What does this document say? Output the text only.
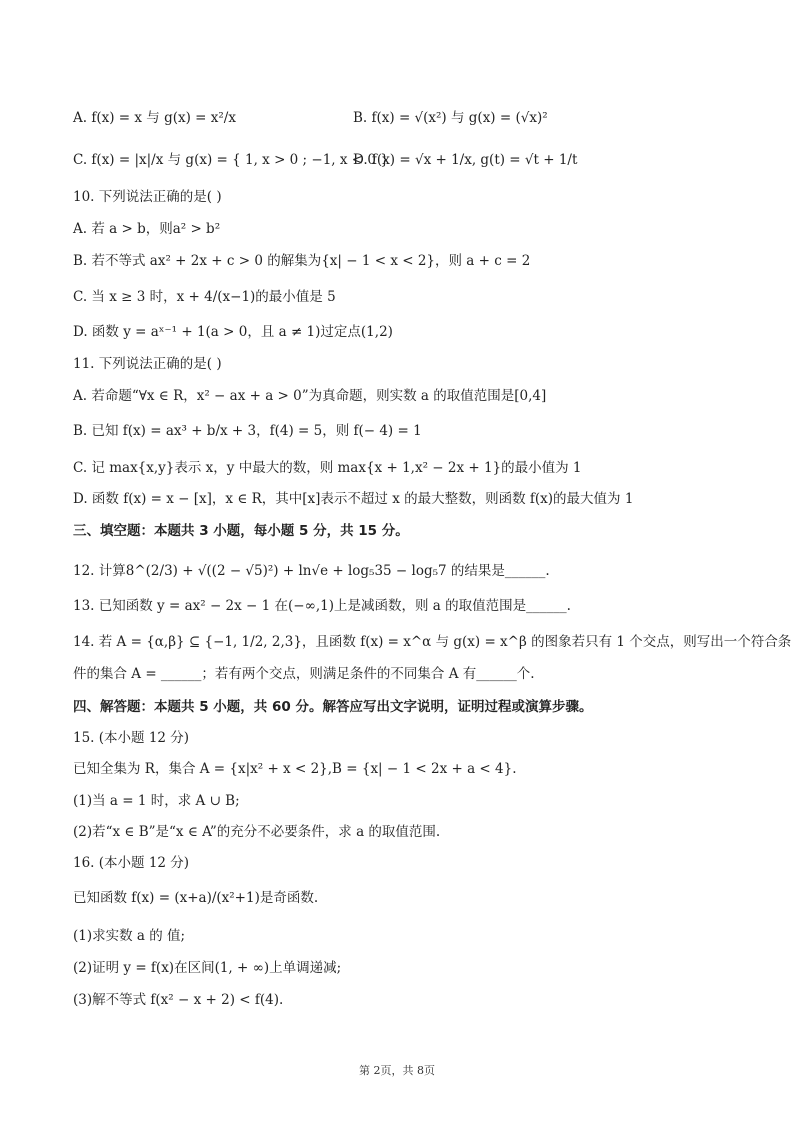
A. f(x) = x 与 g(x) = x²/x	B. f(x) = √(x²) 与 g(x) = (√x)²
C. f(x) = |x|/x 与 g(x) = { 1, x > 0 ; −1, x < 0 }
D. f(x) = √x + 1/x, g(t) = √t + 1/t
10. 下列说法正确的是( )
A. 若 a > b，则a² > b²
B. 若不等式 ax² + 2x + c > 0 的解集为{x| − 1 < x < 2}，则 a + c = 2
C. 当 x ≥ 3 时，x + 4/(x−1)的最小值是 5
D. 函数 y = aˣ⁻¹ + 1(a > 0，且 a ≠ 1)过定点(1,2)
11. 下列说法正确的是( )
A. 若命题“∀x ∈ R，x² − ax + a > 0”为真命题，则实数 a 的取值范围是[0,4]
B. 已知 f(x) = ax³ + b/x + 3，f(4) = 5，则 f(− 4) = 1
C. 记 max{x,y}表示 x，y 中最大的数，则 max{x + 1,x² − 2x + 1}的最小值为 1
D. 函数 f(x) = x − [x]，x ∈ R，其中[x]表示不超过 x 的最大整数，则函数 f(x)的最大值为 1
三、填空题：本题共 3 小题，每小题 5 分，共 15 分。
12. 计算8^(2/3) + √((2 − √5)²) + ln√e + log₅35 − log₅7 的结果是______.
13. 已知函数 y = ax² − 2x − 1 在(−∞,1)上是减函数，则 a 的取值范围是______.
14. 若 A = {α,β} ⊆ {−1, 1/2, 2,3}，且函数 f(x) = x^α 与 g(x) = x^β 的图象若只有 1 个交点，则写出一个符合条
件的集合 A = ______；若有两个交点，则满足条件的不同集合 A 有______个.
四、解答题：本题共 5 小题，共 60 分。解答应写出文字说明，证明过程或演算步骤。
15. (本小题 12 分)
已知全集为 R，集合 A = {x|x² + x < 2},B = {x| − 1 < 2x + a < 4}.
(1)当 a = 1 时，求 A ∪ B;
(2)若“x ∈ B”是“x ∈ A”的充分不必要条件，求 a 的取值范围.
16. (本小题 12 分)
已知函数 f(x) = (x+a)/(x²+1)是奇函数.
(1)求实数 a 的 值;
(2)证明 y = f(x)在区间(1, + ∞)上单调递减;
(3)解不等式 f(x² − x + 2) < f(4).
第 2页，共 8页
